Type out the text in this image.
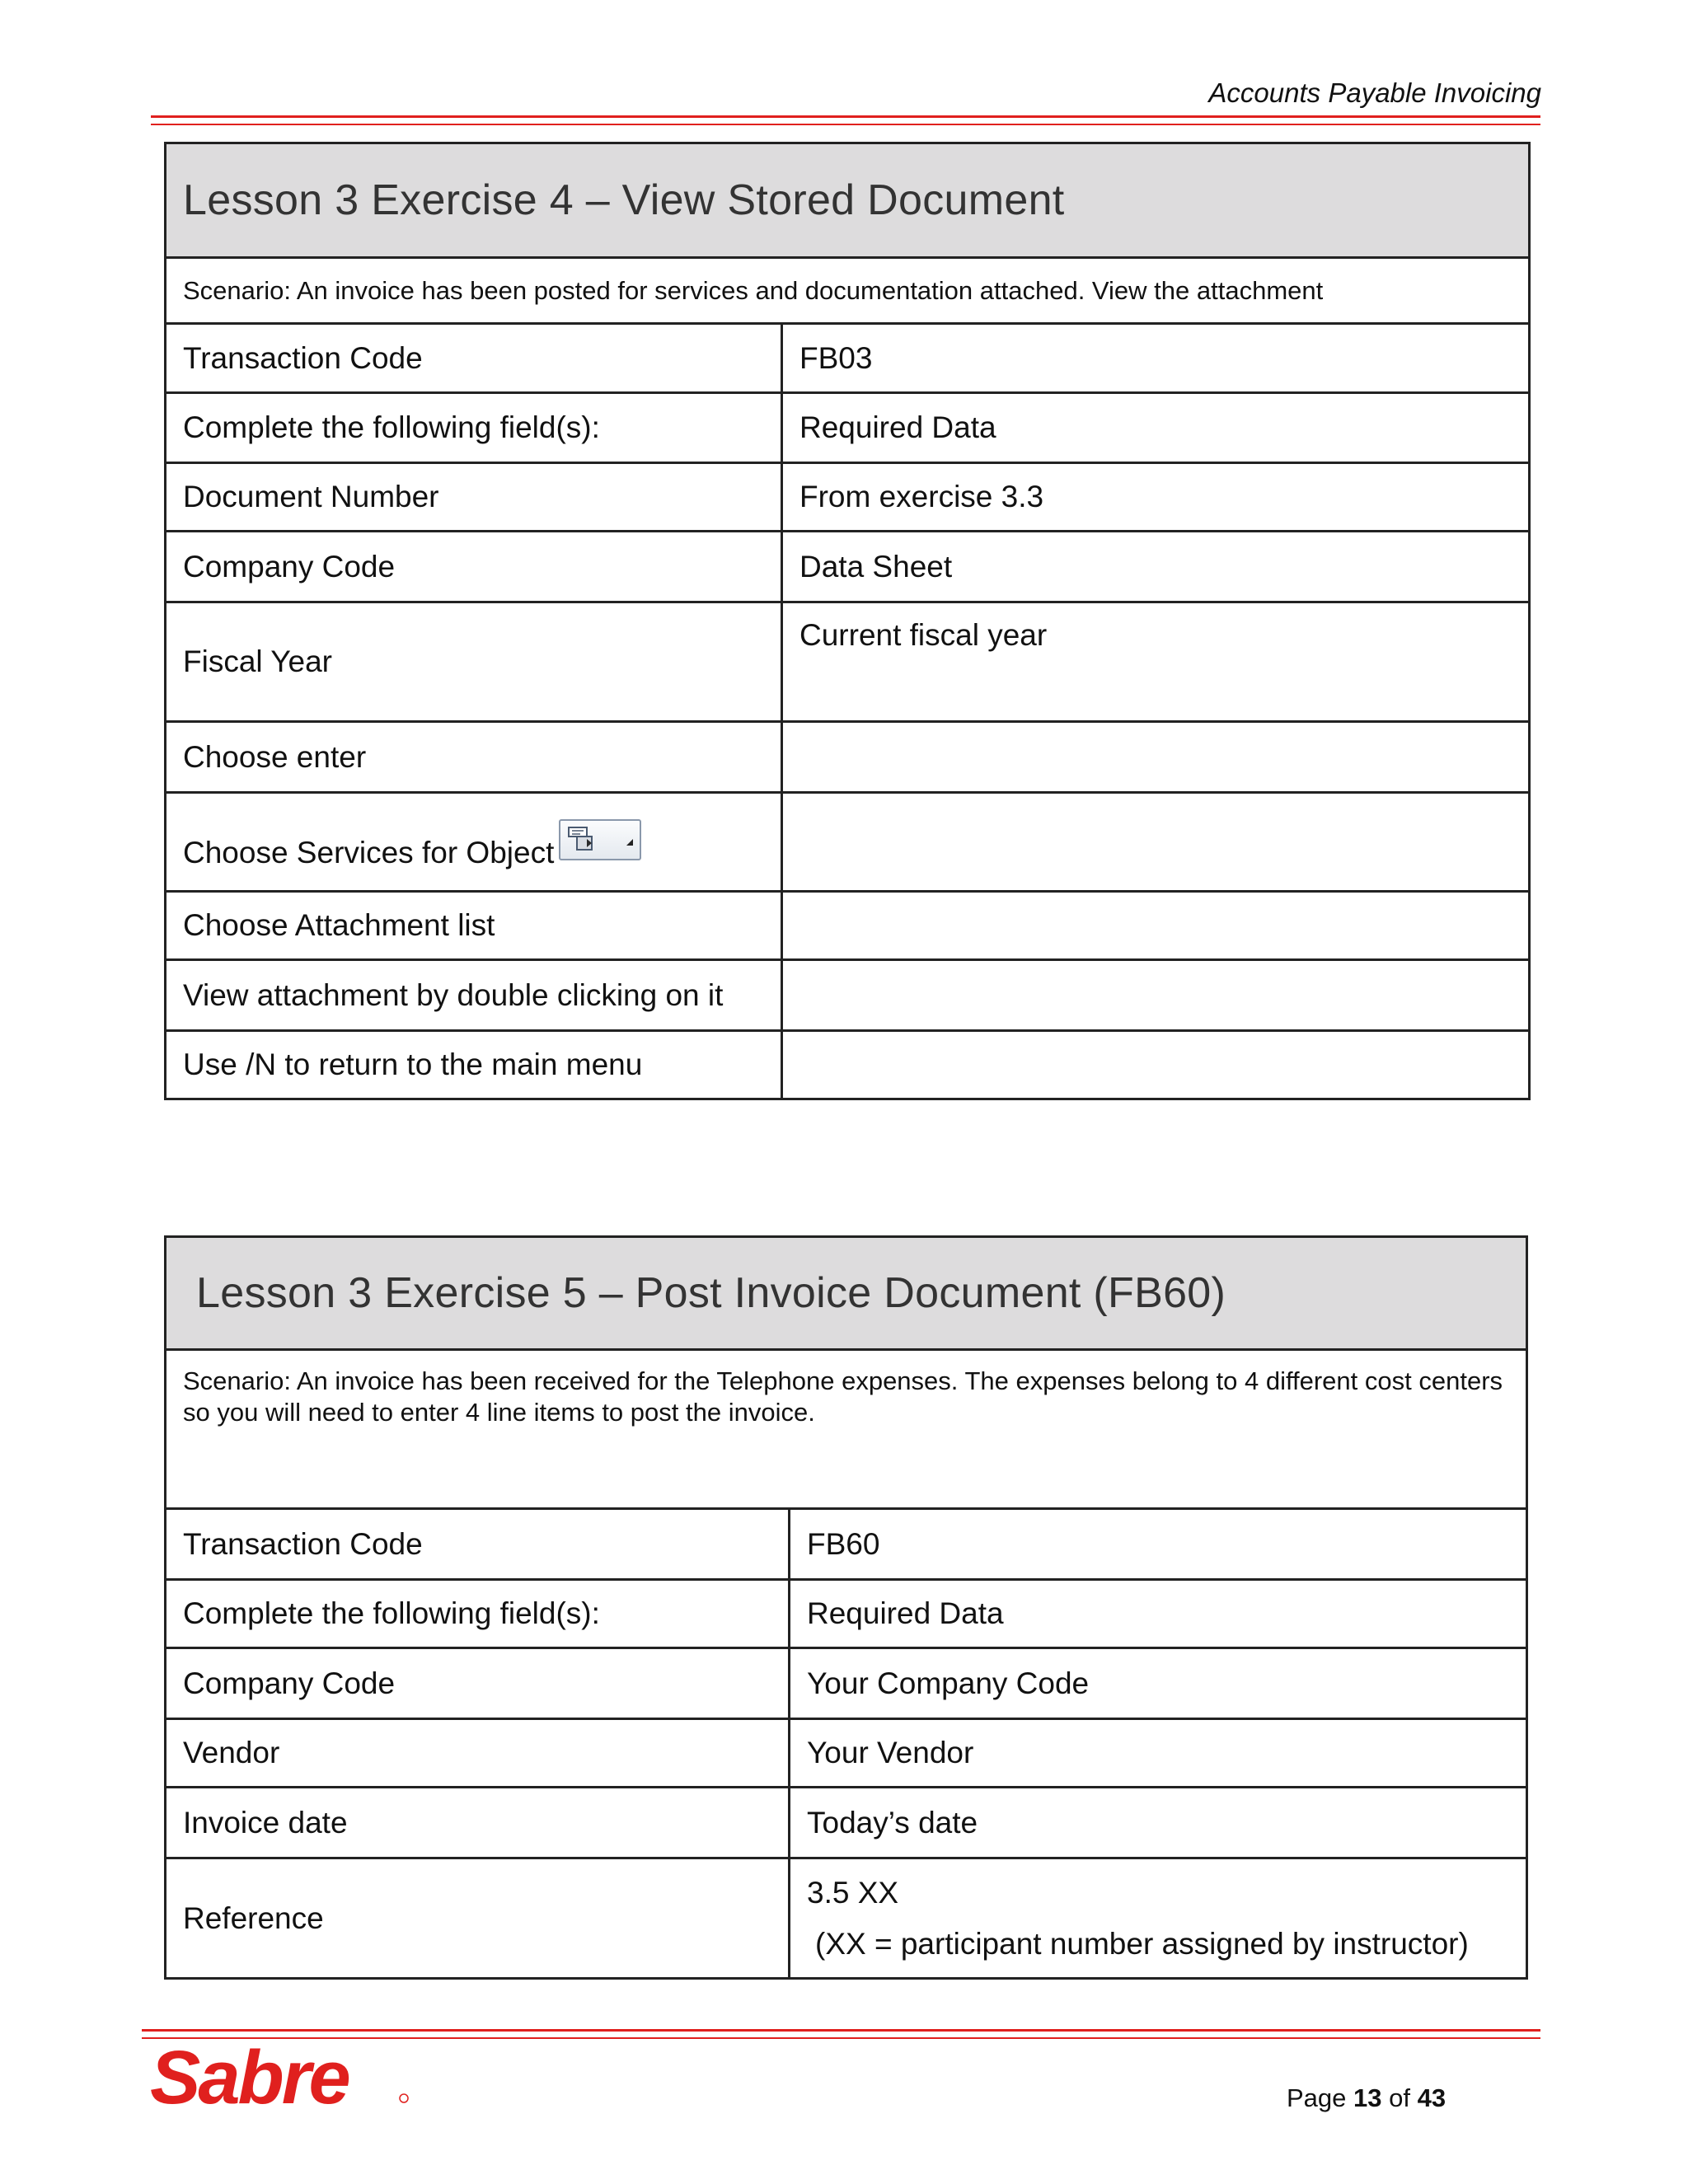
Accounts Payable Invoicing
Lesson 3 Exercise 4 – View Stored Document	
Scenario: An invoice has been posted for services and documentation attached. View the attachment	
Transaction Code	FB03
Complete the following field(s):	Required Data
Document Number	From exercise 3.3
Company Code	Data Sheet
Fiscal Year	Current fiscal year
Choose enter	
Choose Services for Object

Choose Attachment list	
View attachment by double clicking on it	
Use /N to return to the main menu	
Lesson 3 Exercise 5 – Post Invoice Document (FB60)	
Scenario: An invoice has been received for the Telephone expenses. The expenses belong to 4 different cost centers so you will need to enter 4 line items to post the invoice.	
Transaction Code	FB60
Complete the following field(s):	Required Data
Company Code	Your Company Code
Vendor	Your Vendor
Invoice date	Today’s date
Reference	3.5 XX
(XX = participant number assigned by instructor)
Sabre	Page 13 of 43
